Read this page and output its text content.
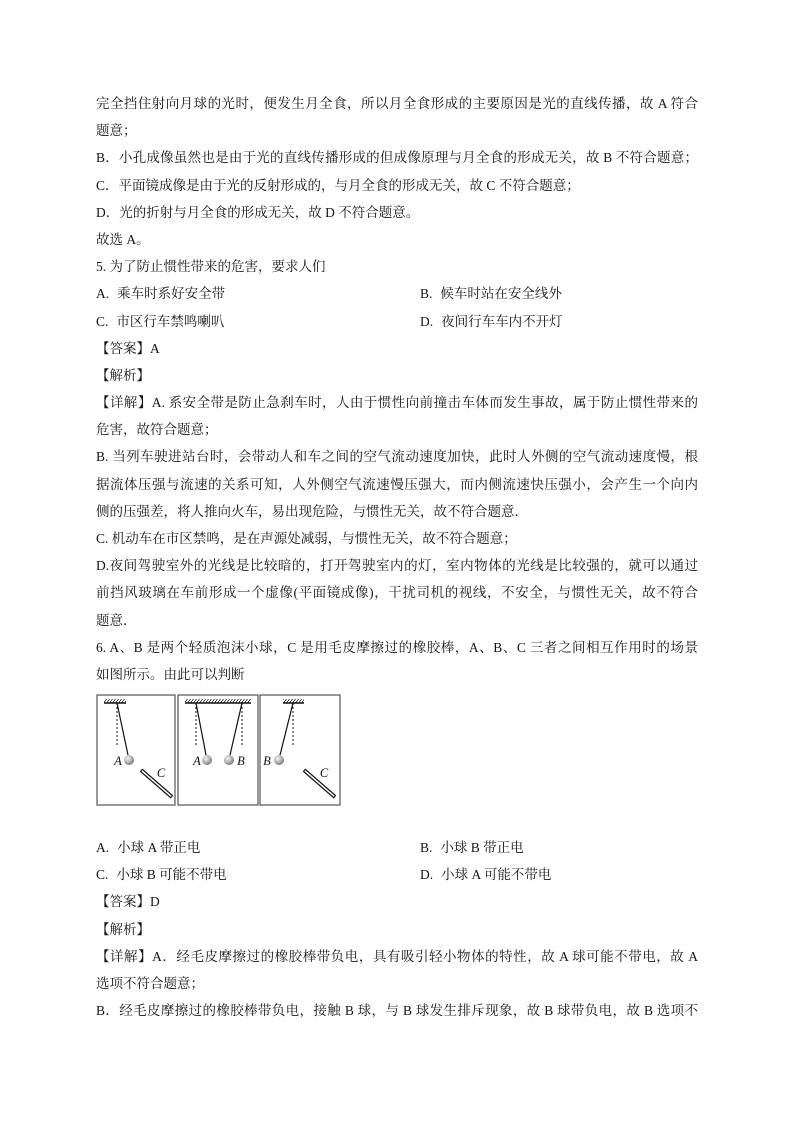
完全挡住射向月球的光时，便发生月全食，所以月全食形成的主要原因是光的直线传播，故 A 符合
题意；
B．小孔成像虽然也是由于光的直线传播形成的但成像原理与月全食的形成无关，故 B 不符合题意；
C．平面镜成像是由于光的反射形成的，与月全食的形成无关，故 C 不符合题意；
D．光的折射与月全食的形成无关，故 D 不符合题意。
故选 A。
5. 为了防止惯性带来的危害，要求人们
A. 乘车时系好安全带	B. 候车时站在安全线外
C. 市区行车禁鸣喇叭	D. 夜间行车车内不开灯
【答案】A
【解析】
【详解】A. 系安全带是防止急刹车时，人由于惯性向前撞击车体而发生事故，属于防止惯性带来的
危害，故符合题意；
B. 当列车驶进站台时，会带动人和车之间的空气流动速度加快，此时人外侧的空气流动速度慢，根
据流体压强与流速的关系可知，人外侧空气流速慢压强大，而内侧流速快压强小，会产生一个向内
侧的压强差，将人推向火车，易出现危险，与惯性无关，故不符合题意．
C. 机动车在市区禁鸣，是在声源处减弱，与惯性无关，故不符合题意；
D.夜间驾驶室外的光线是比较暗的，打开驾驶室内的灯，室内物体的光线是比较强的，就可以通过
前挡风玻璃在车前形成一个虚像(平面镜成像)，干扰司机的视线，不安全，与惯性无关，故不符合
题意．
6. A、B 是两个轻质泡沫小球，C 是用毛皮摩擦过的橡胶棒，A、B、C 三者之间相互作用时的场景
如图所示。由此可以判断
A
C
A	B B
C
A. 小球 A 带正电	B. 小球 B 带正电
C. 小球 B 可能不带电	D. 小球 A 可能不带电
【答案】D
【解析】
【详解】A．经毛皮摩擦过的橡胶棒带负电，具有吸引轻小物体的特性，故 A 球可能不带电，故 A
选项不符合题意；
B．经毛皮摩擦过的橡胶棒带负电，接触 B 球，与 B 球发生排斥现象，故 B 球带负电，故 B 选项不
